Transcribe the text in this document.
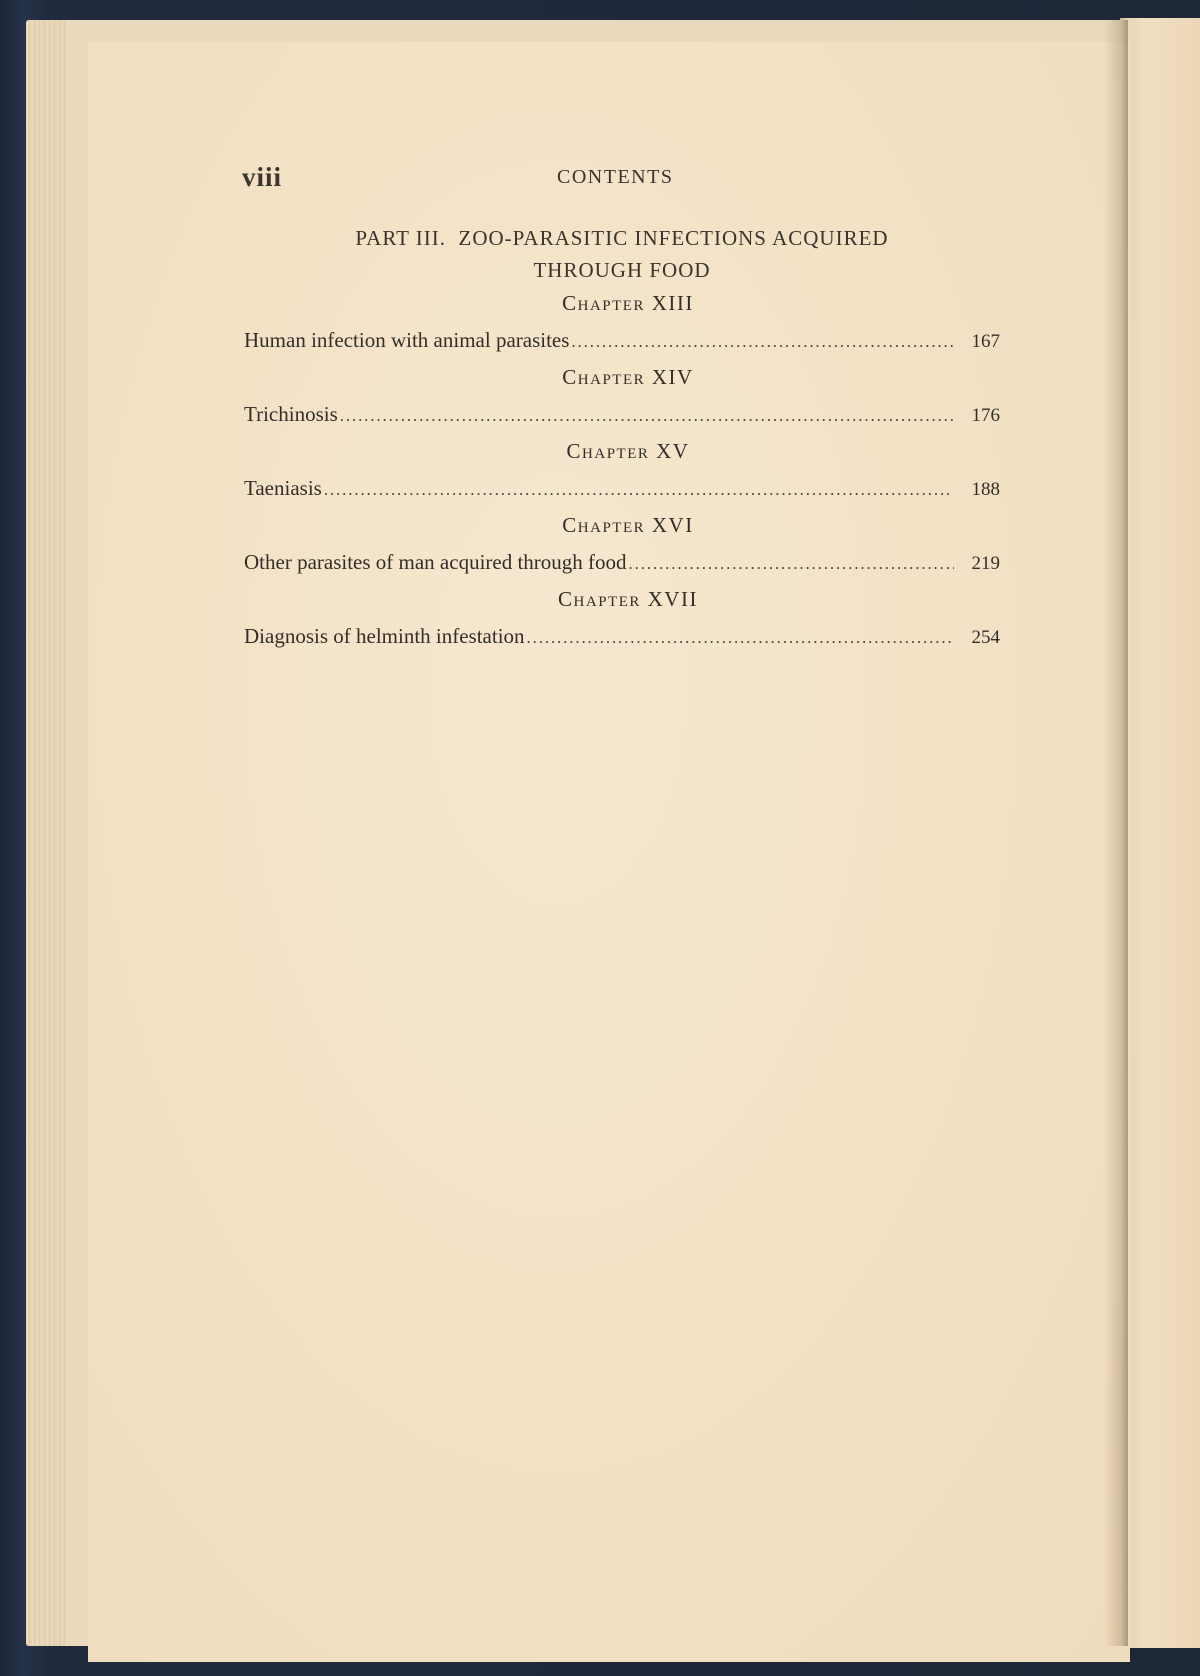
viii	CONTENTS
PART III.  ZOO-PARASITIC INFECTIONS ACQUIRED
THROUGH FOOD
Chapter XIII
Human infection with animal parasites . . .	167
Chapter XIV
Trichinosis . . .	176
Chapter XV
Taeniasis . . .	188
Chapter XVI
Other parasites of man acquired through food . . .	219
Chapter XVII
Diagnosis of helminth infestation . . .	254
